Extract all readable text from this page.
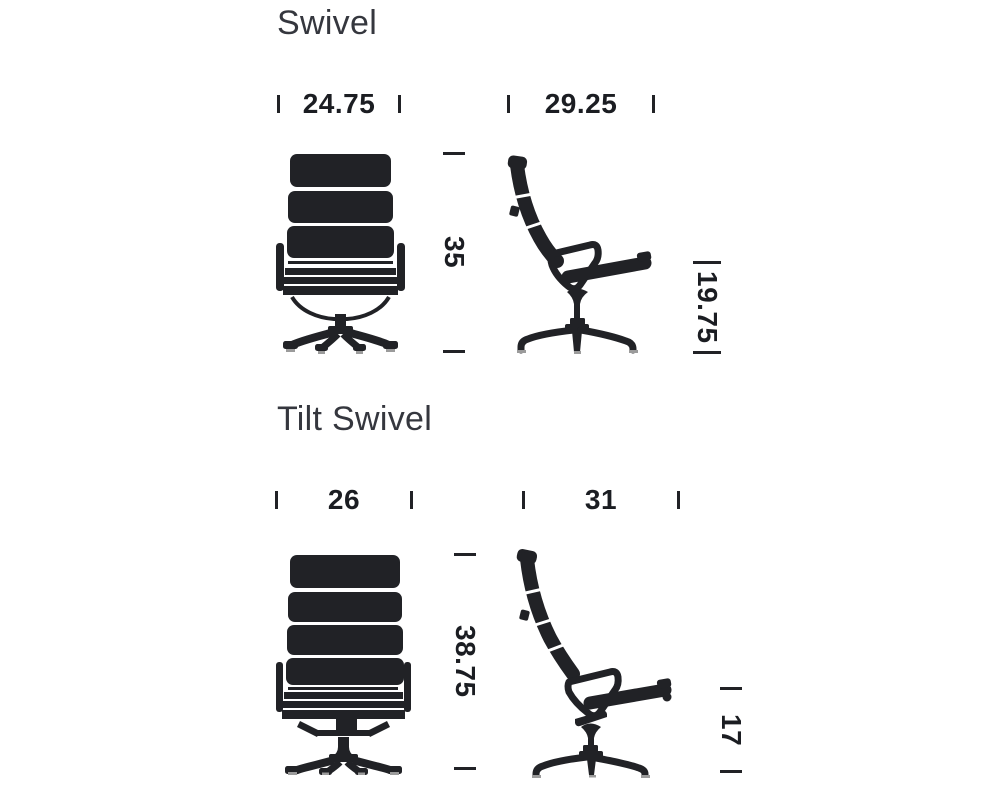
Swivel
24.75	29.25
35
19.75
Tilt Swivel
26	31
38.75
17
